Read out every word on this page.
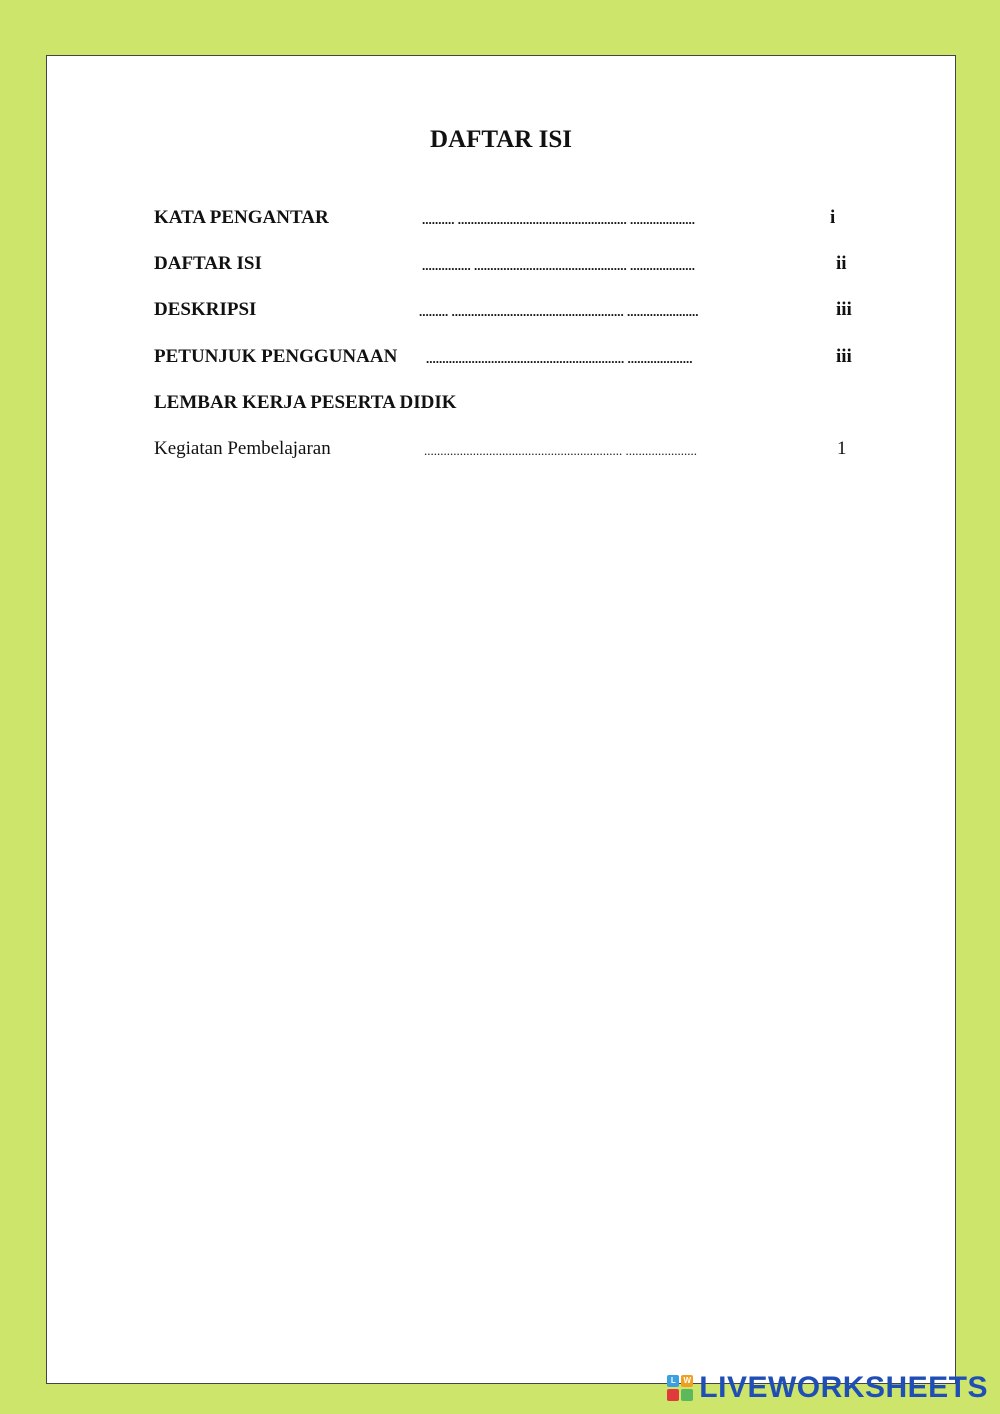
DAFTAR ISI
KATA PENGANTAR	.......... .................................................... ....................	i
DAFTAR ISI	............... ............................................... ....................	ii
DESKRIPSI	......... ..................................................... ......................	iii
PETUNJUK PENGGUNAAN ............................................................. ....................	iii
LEMBAR KERJA PESERTA DIDIK
Kegiatan Pembelajaran	............................................................. ......................	1
L W LIVEWORKSHEETS
